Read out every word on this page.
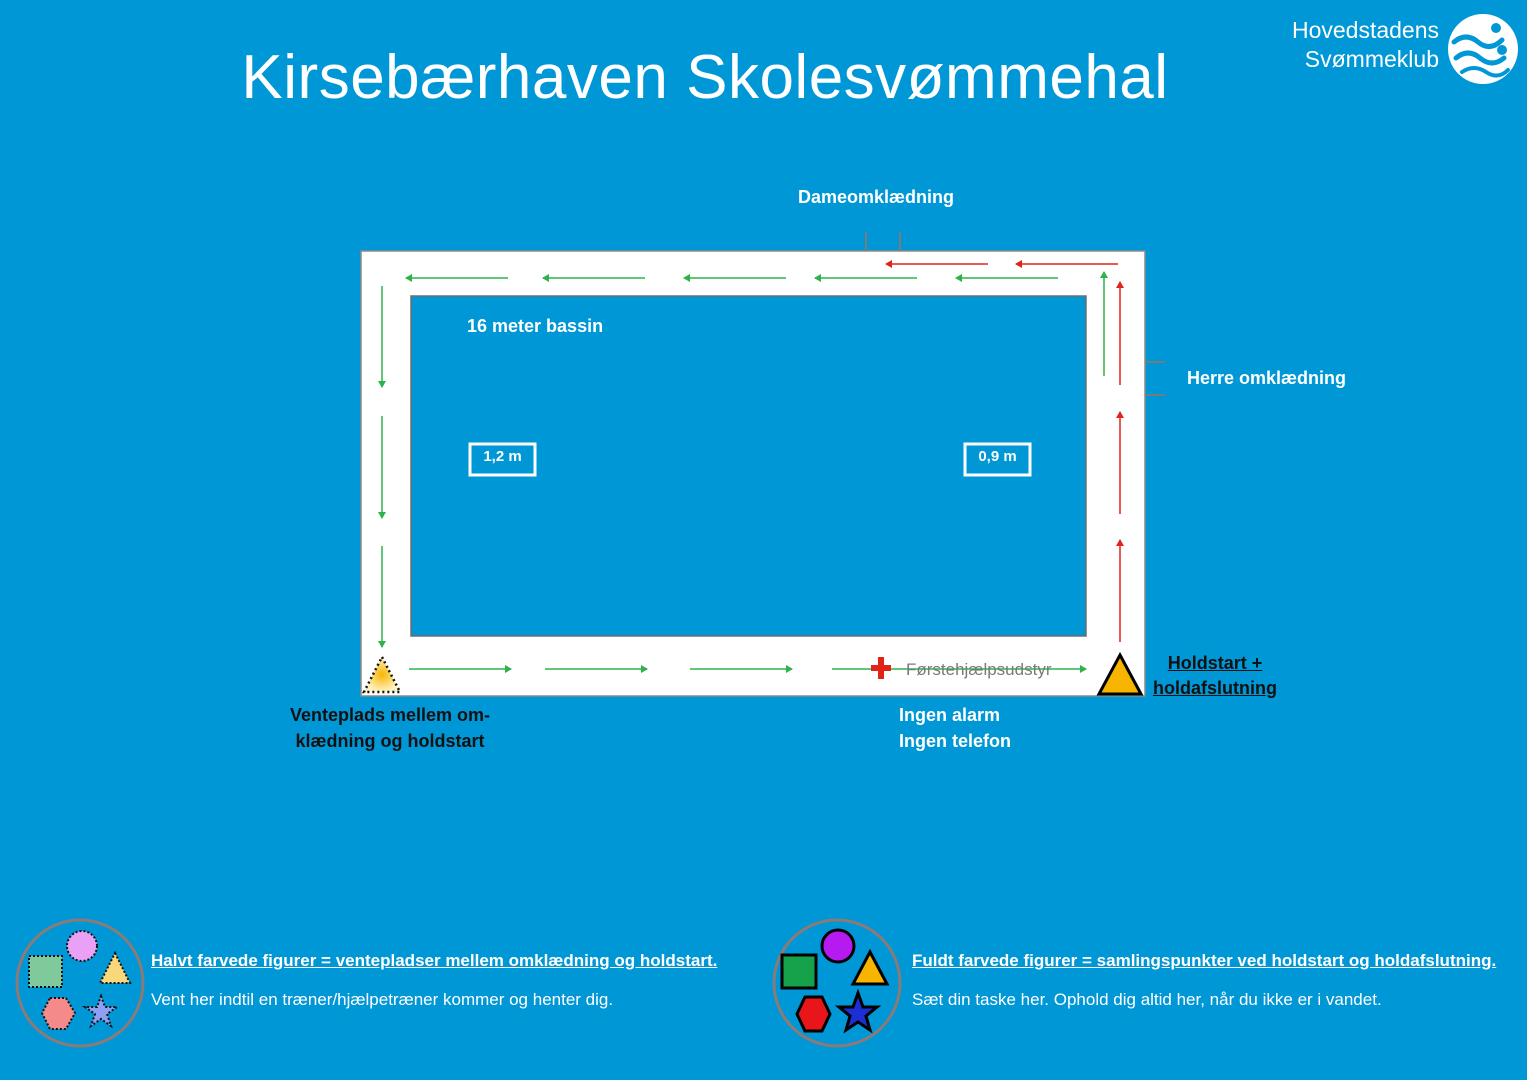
Kirsebærhaven Skolesvømmehal
Hovedstadens
Svømmeklub
Dameomklædning
Herre omklædning
16 meter bassin
1,2 m	0,9 m
Førstehjælpsudstyr
Ingen alarm
Ingen telefon
Venteplads mellem om-
klædning og holdstart
Holdstart +
holdafslutning
Halvt farvede figurer = ventepladser mellem omklædning og holdstart.
Vent her indtil en træner/hjælpetræner kommer og henter dig.
Fuldt farvede figurer = samlingspunkter ved holdstart og holdafslutning.
Sæt din taske her. Ophold dig altid her, når du ikke er i vandet.
